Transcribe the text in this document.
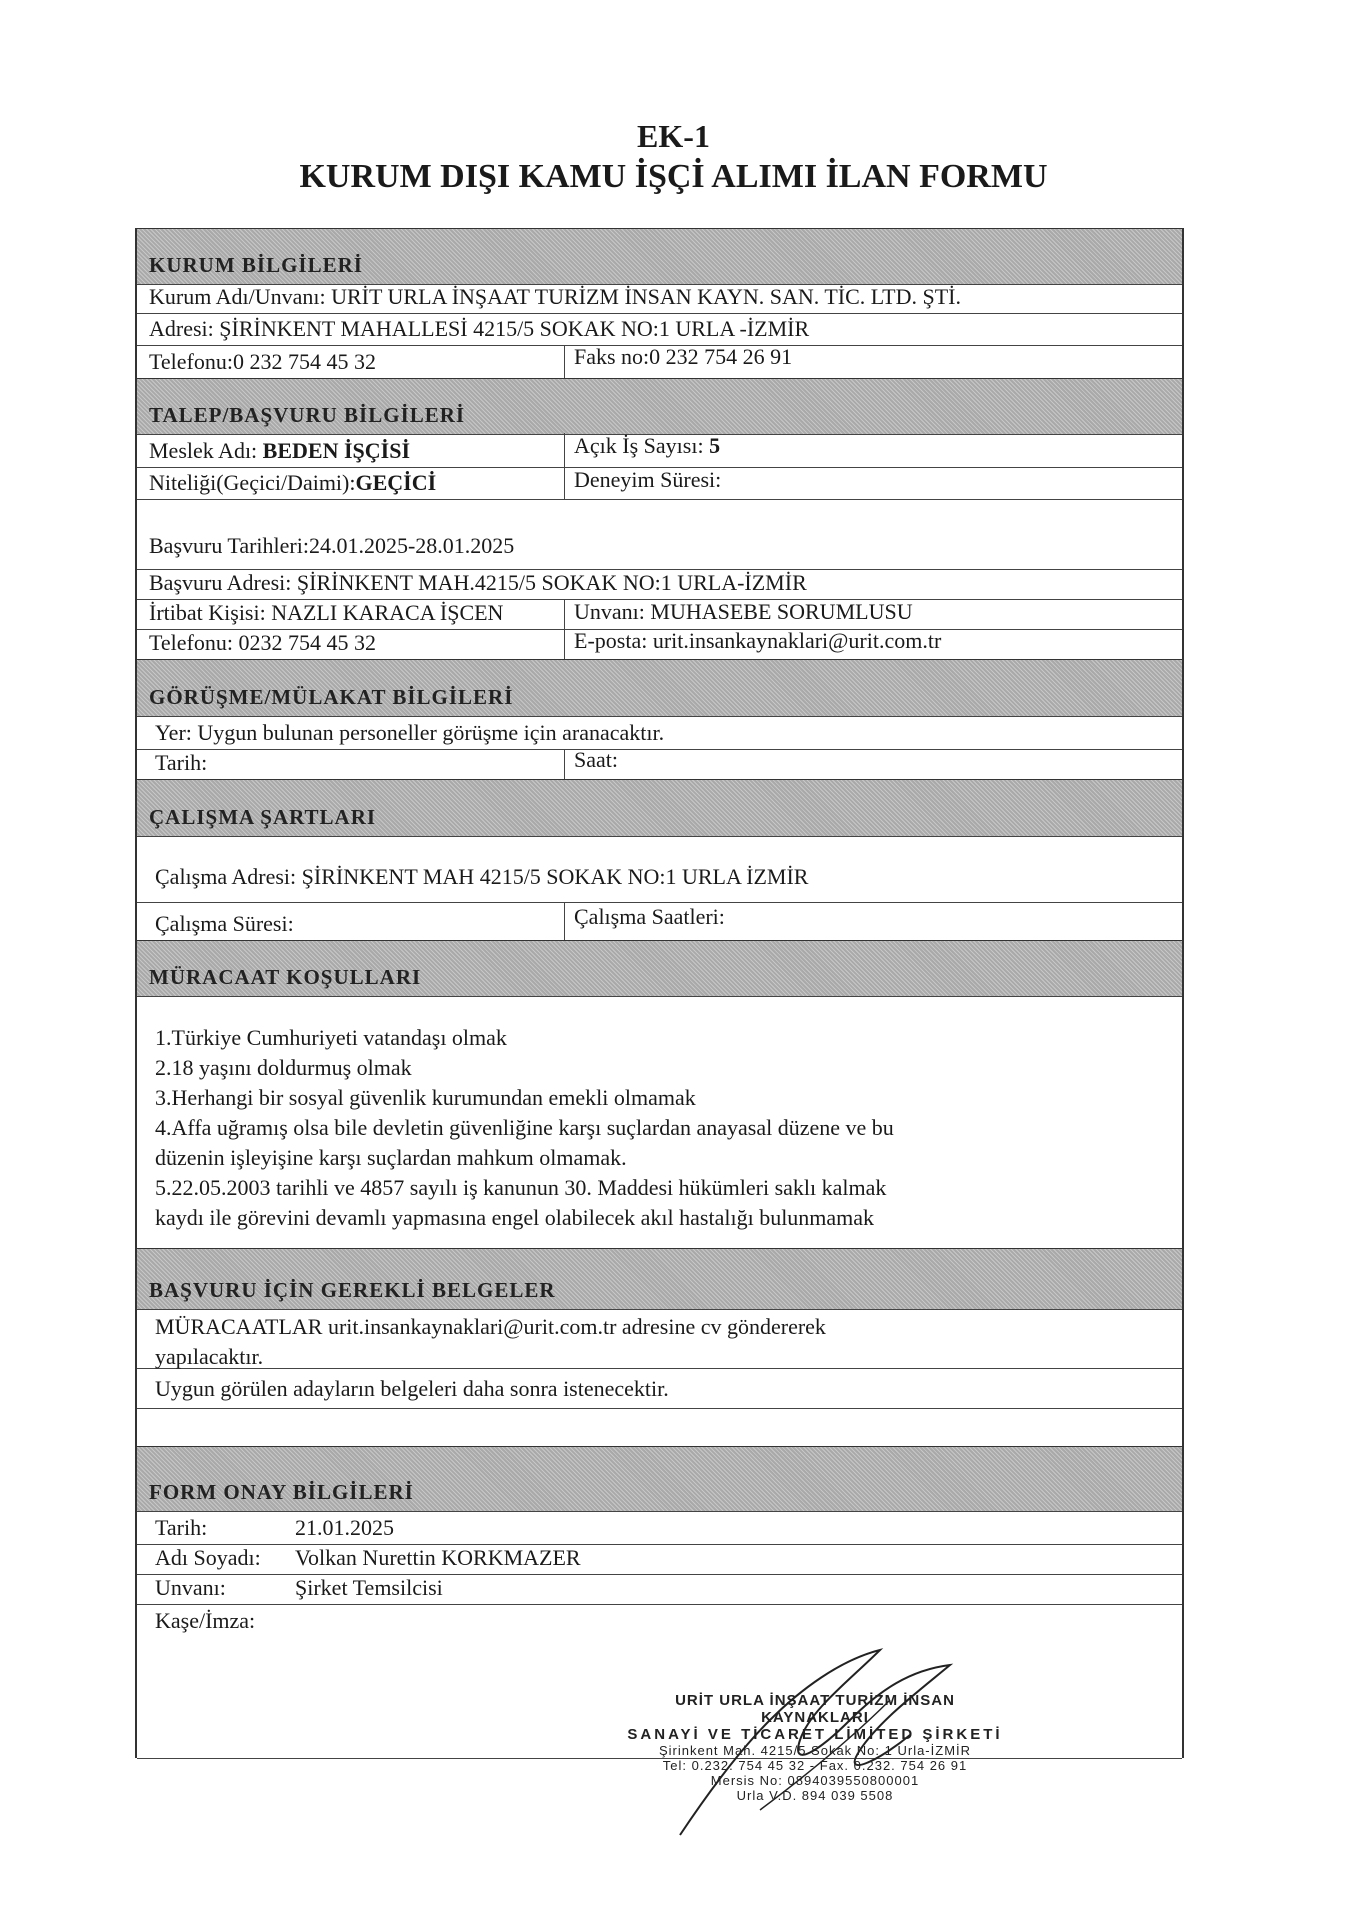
EK-1
KURUM DIŞI KAMU İŞÇİ ALIMI İLAN FORMU
KURUM BİLGİLERİ
Kurum Adı/Unvanı: URİT URLA İNŞAAT TURİZM İNSAN KAYN. SAN. TİC. LTD. ŞTİ.
Adresi: ŞİRİNKENT MAHALLESİ 4215/5 SOKAK NO:1 URLA -İZMİR
Telefonu:0 232 754 45 32	Faks no:0 232 754 26 91
TALEP/BAŞVURU BİLGİLERİ
Meslek Adı: BEDEN İŞÇİSİ	Açık İş Sayısı: 5
Niteliği(Geçici/Daimi):GEÇİCİ	Deneyim Süresi:
Başvuru Tarihleri:24.01.2025-28.01.2025
Başvuru Adresi: ŞİRİNKENT MAH.4215/5 SOKAK NO:1 URLA-İZMİR
İrtibat Kişisi: NAZLI KARACA İŞCEN	Unvanı: MUHASEBE SORUMLUSU
Telefonu: 0232 754 45 32	E-posta: urit.insankaynaklari@urit.com.tr
GÖRÜŞME/MÜLAKAT BİLGİLERİ
Yer: Uygun bulunan personeller görüşme için aranacaktır.
Tarih:	Saat:
ÇALIŞMA ŞARTLARI
Çalışma Adresi: ŞİRİNKENT MAH 4215/5 SOKAK NO:1 URLA İZMİR
Çalışma Süresi:	Çalışma Saatleri:
MÜRACAAT KOŞULLARI
1.Türkiye Cumhuriyeti vatandaşı olmak
2.18 yaşını doldurmuş olmak
3.Herhangi bir sosyal güvenlik kurumundan emekli olmamak
4.Affa uğramış olsa bile devletin güvenliğine karşı suçlardan anayasal düzene ve bu
düzenin işleyişine karşı suçlardan mahkum olmamak.
5.22.05.2003 tarihli ve 4857 sayılı iş kanunun 30. Maddesi hükümleri saklı kalmak
kaydı ile görevini devamlı yapmasına engel olabilecek akıl hastalığı bulunmamak
BAŞVURU İÇİN GEREKLİ BELGELER
MÜRACAATLAR urit.insankaynaklari@urit.com.tr adresine cv göndererek
yapılacaktır.
Uygun görülen adayların belgeleri daha sonra istenecektir.
FORM ONAY BİLGİLERİ
Tarih:	21.01.2025
Adı Soyadı: Volkan Nurettin KORKMAZER
Unvanı:	Şirket Temsilcisi
Kaşe/İmza:
URİT URLA İNŞAAT TURİZM İNSAN KAYNAKLARI
SANAYİ VE TİCARET LİMİTED ŞİRKETİ
Şirinkent Mah. 4215/5 Sokak No: 1 Urla-İZMİR
Tel: 0.232. 754 45 32 - Fax. 0.232. 754 26 91
Mersis No: 0894039550800001
Urla V.D. 894 039 5508
